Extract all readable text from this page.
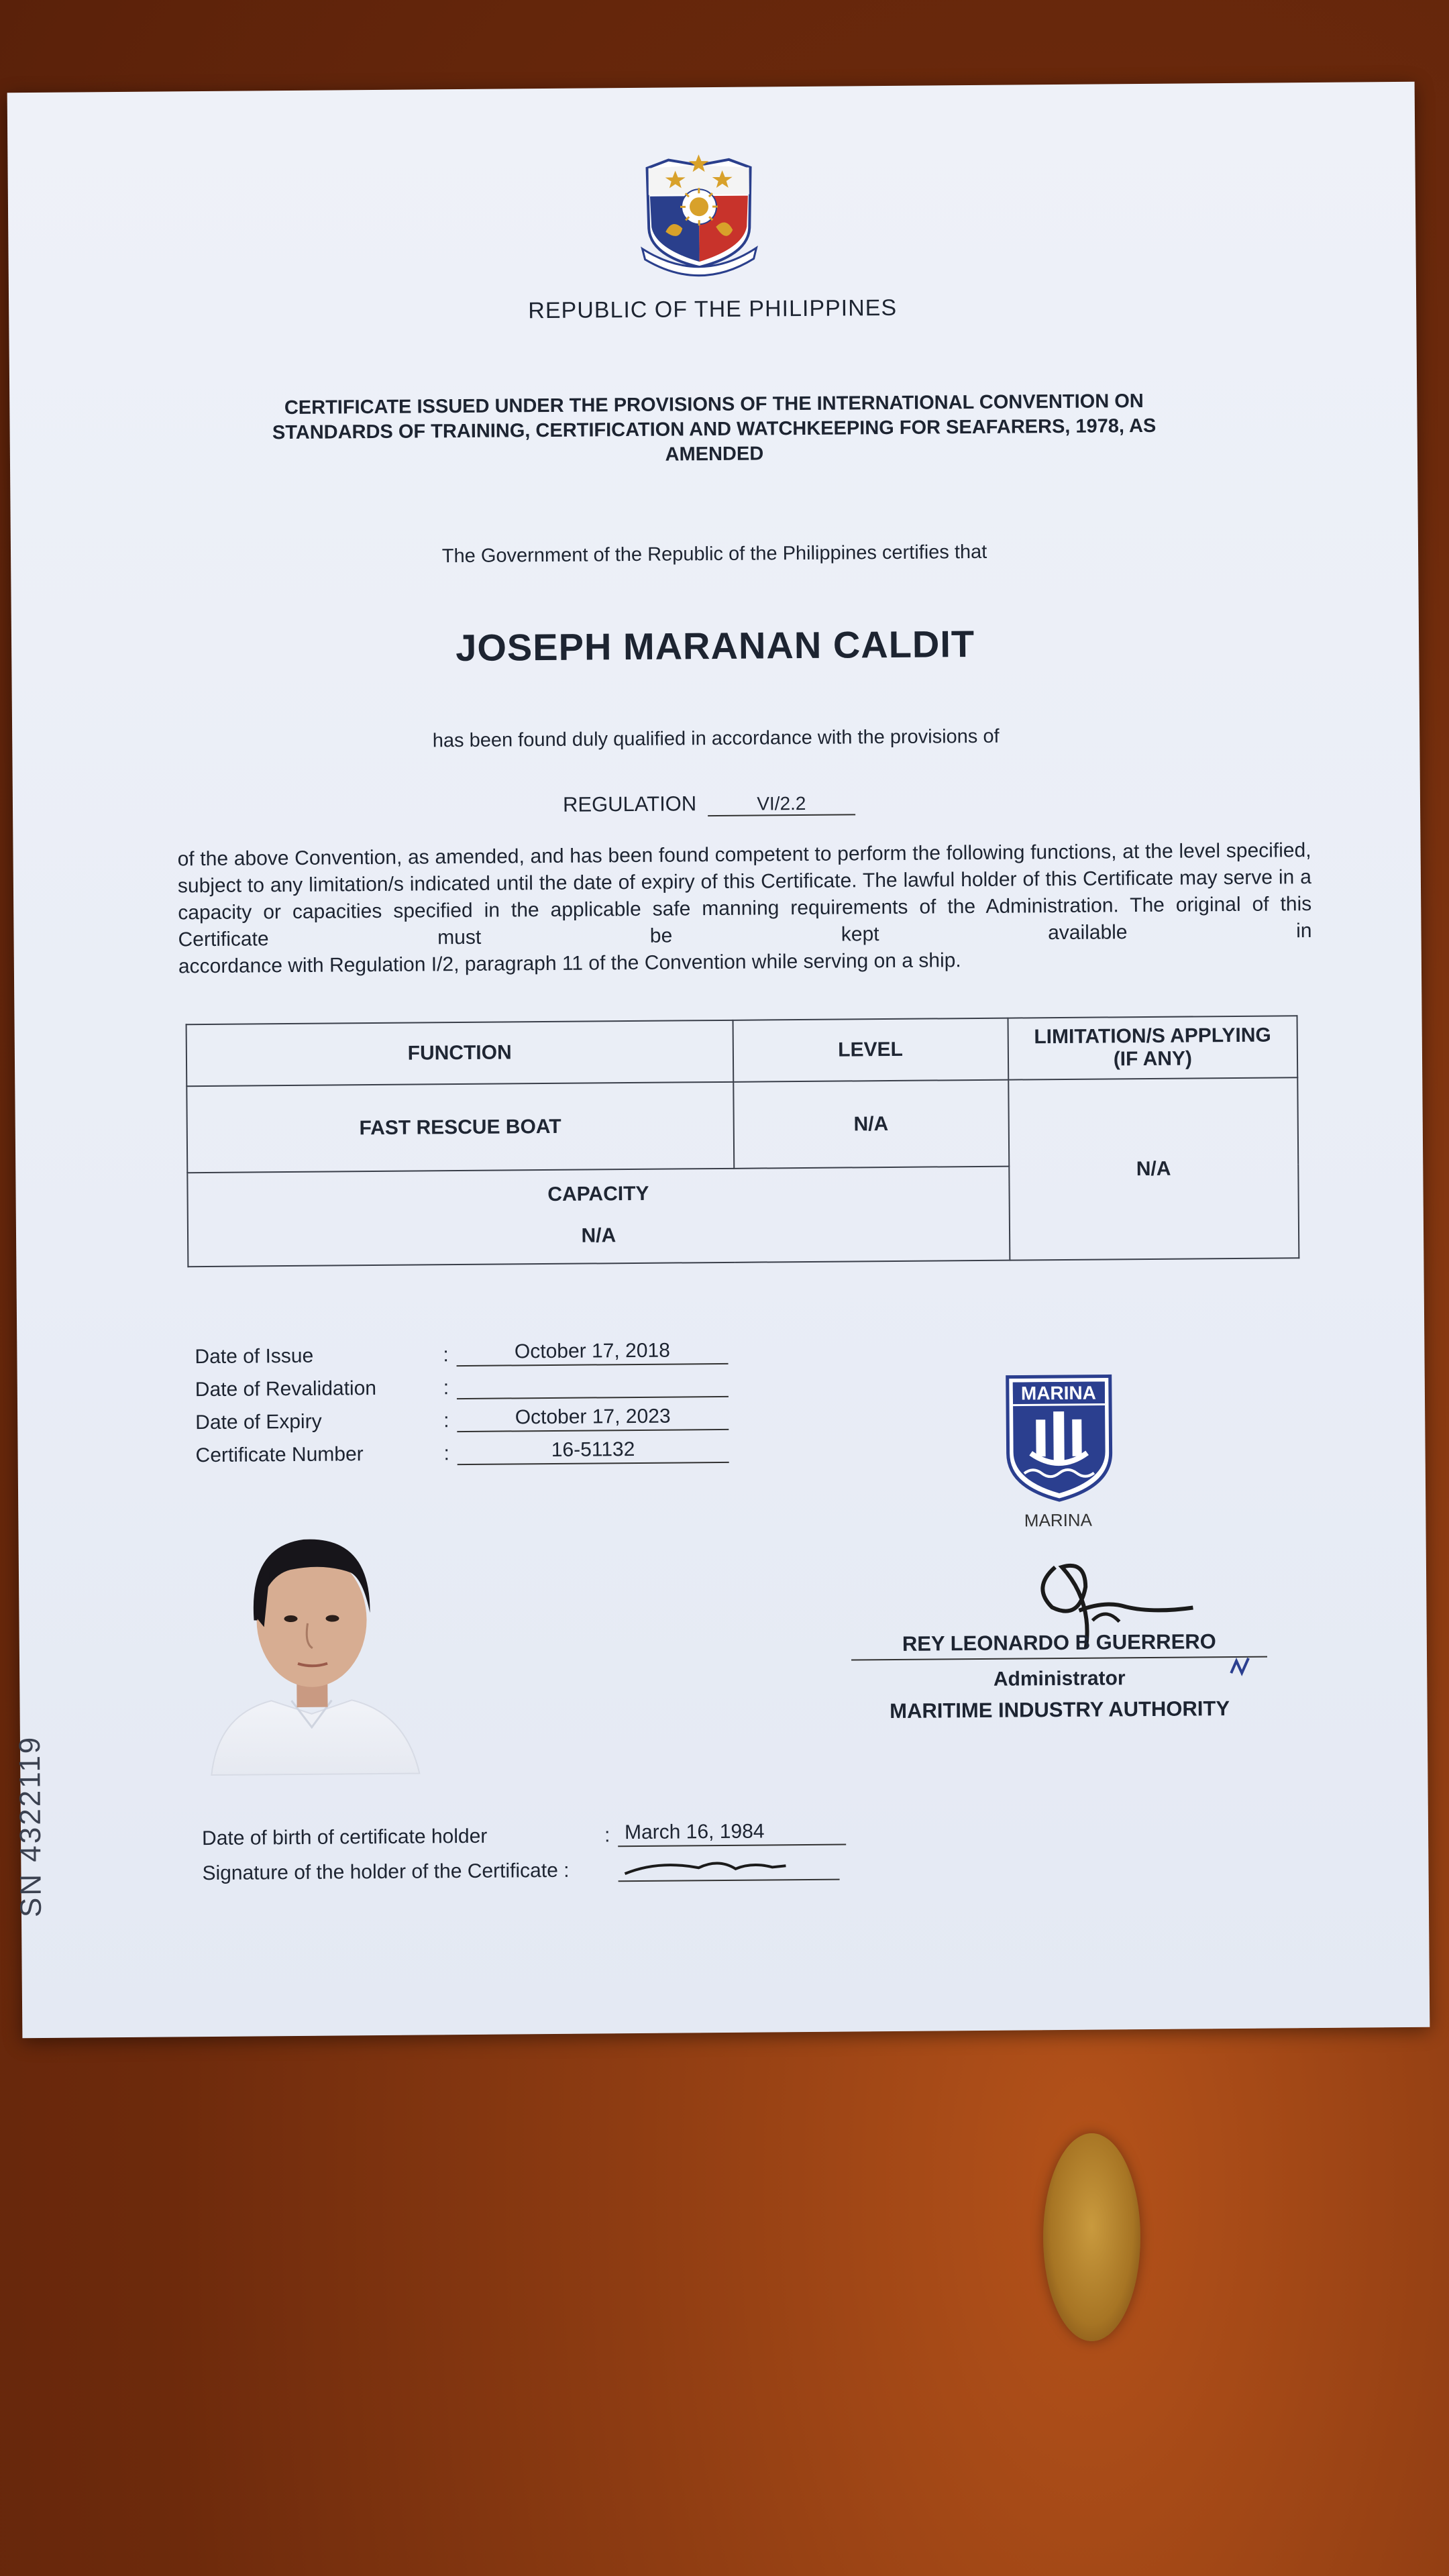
REPUBLIC OF THE PHILIPPINES
CERTIFICATE ISSUED UNDER THE PROVISIONS OF THE INTERNATIONAL CONVENTION ON STANDARDS OF TRAINING, CERTIFICATION AND WATCHKEEPING FOR SEAFARERS, 1978, AS AMENDED
The Government of the Republic of the Philippines certifies that
JOSEPH MARANAN CALDIT
has been found duly qualified in accordance with the provisions of
REGULATION	VI/2.2
of the above Convention, as amended, and has been found competent to perform the following functions, at the level specified, subject to any limitation/s indicated until the date of expiry of this Certificate. The lawful holder of this Certificate may serve in a capacity or capacities specified in the applicable safe manning requirements of the Administration. The original of this Certificate must be kept available in
accordance with Regulation I/2, paragraph 11 of the Convention while serving on a ship.
FUNCTION	LEVEL	LIMITATION/S APPLYING (IF ANY)
FAST RESCUE BOAT	N/A	N/A

CAPACITY
N/A		
Date of Issue	:	October 17, 2018
Date of Revalidation	:
Date of Expiry	:	October 17, 2023
Certificate Number	:	16-51132
MARINA
MARINA
REY LEONARDO B GUERRERO
Administrator
MARITIME INDUSTRY AUTHORITY
Date of birth of certificate holder	: March 16, 1984
Signature of the holder of the Certificate :
SN 4322119
